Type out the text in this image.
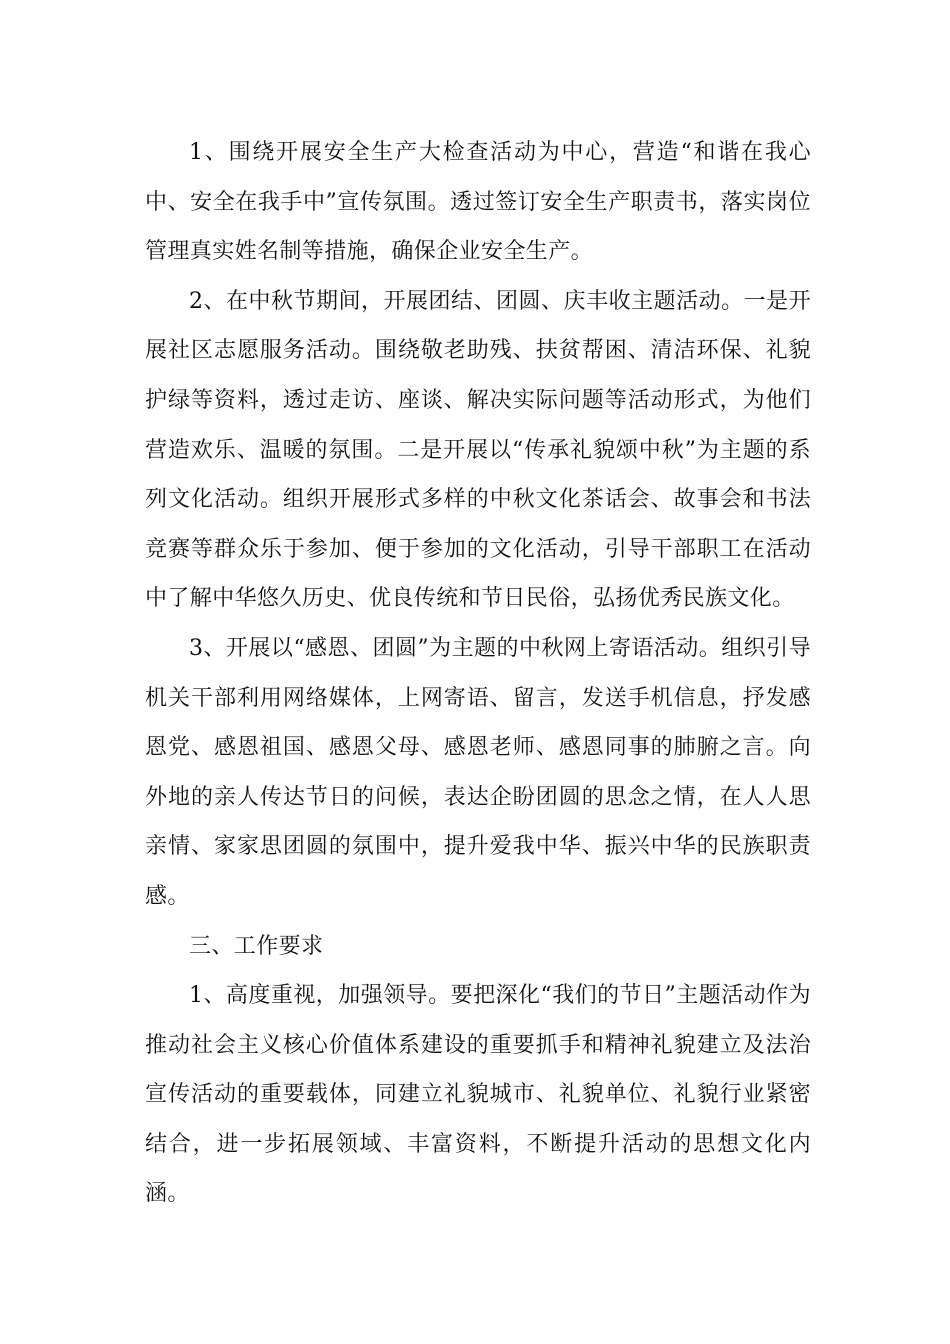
1、围绕开展安全生产大检查活动为中心，营造“和谐在我心中、安全在我手中”宣传氛围。透过签订安全生产职责书，落实岗位管理真实姓名制等措施，确保企业安全生产。

2、在中秋节期间，开展团结、团圆、庆丰收主题活动。一是开展社区志愿服务活动。围绕敬老助残、扶贫帮困、清洁环保、礼貌护绿等资料，透过走访、座谈、解决实际问题等活动形式，为他们营造欢乐、温暖的氛围。二是开展以“传承礼貌颂中秋”为主题的系列文化活动。组织开展形式多样的中秋文化茶话会、故事会和书法竞赛等群众乐于参加、便于参加的文化活动，引导干部职工在活动中了解中华悠久历史、优良传统和节日民俗，弘扬优秀民族文化。

3、开展以“感恩、团圆”为主题的中秋网上寄语活动。组织引导机关干部利用网络媒体，上网寄语、留言，发送手机信息，抒发感恩党、感恩祖国、感恩父母、感恩老师、感恩同事的肺腑之言。向外地的亲人传达节日的问候，表达企盼团圆的思念之情，在人人思亲情、家家思团圆的氛围中，提升爱我中华、振兴中华的民族职责感。

三、工作要求

1、高度重视，加强领导。要把深化“我们的节日”主题活动作为推动社会主义核心价值体系建设的重要抓手和精神礼貌建立及法治宣传活动的重要载体，同建立礼貌城市、礼貌单位、礼貌行业紧密结合，进一步拓展领域、丰富资料，不断提升活动的思想文化内涵。
